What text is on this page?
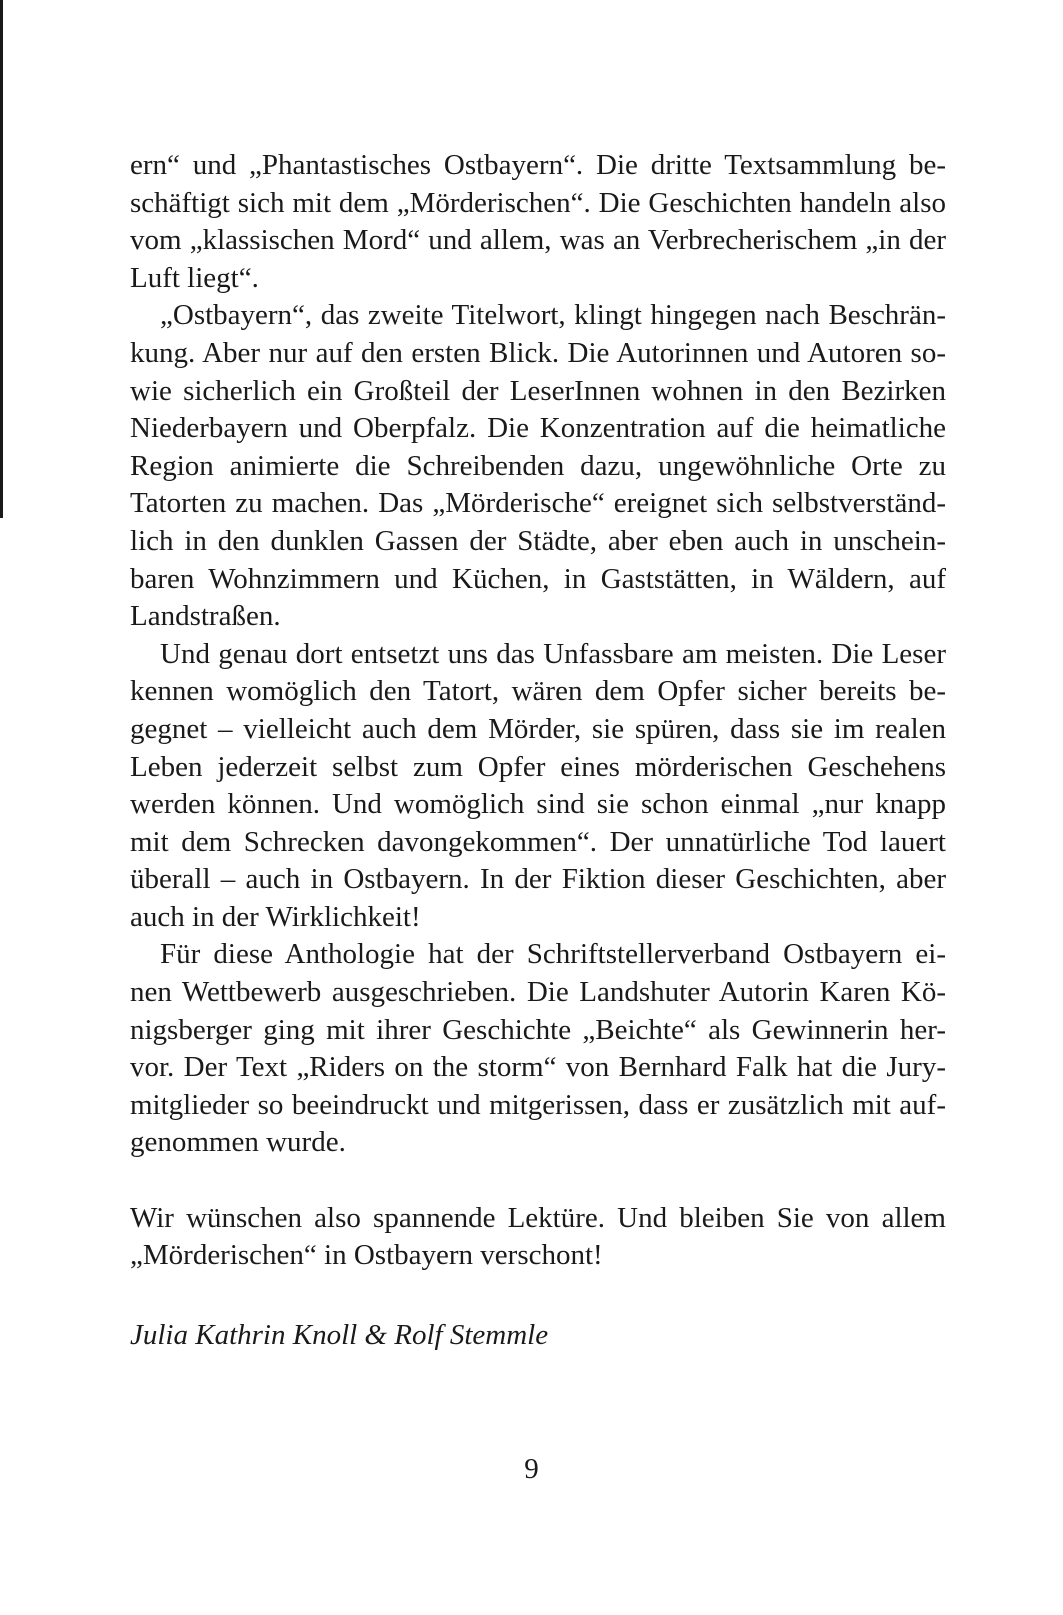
ern“ und „Phantastisches Ostbayern“. Die dritte Textsammlung be-
schäftigt sich mit dem „Mörderischen“. Die Geschichten handeln also
vom „klassischen Mord“ und allem, was an Verbrecherischem „in der
Luft liegt“.
„Ostbayern“, das zweite Titelwort, klingt hingegen nach Beschrän-
kung. Aber nur auf den ersten Blick. Die Autorinnen und Autoren so-
wie sicherlich ein Großteil der LeserInnen wohnen in den Bezirken
Niederbayern und Oberpfalz. Die Konzentration auf die heimatliche
Region animierte die Schreibenden dazu, ungewöhnliche Orte zu
Tatorten zu machen. Das „Mörderische“ ereignet sich selbstverständ-
lich in den dunklen Gassen der Städte, aber eben auch in unschein-
baren Wohnzimmern und Küchen, in Gaststätten, in Wäldern, auf
Landstraßen.
Und genau dort entsetzt uns das Unfassbare am meisten. Die Leser
kennen womöglich den Tatort, wären dem Opfer sicher bereits be-
gegnet – vielleicht auch dem Mörder, sie spüren, dass sie im realen
Leben jederzeit selbst zum Opfer eines mörderischen Geschehens
werden können. Und womöglich sind sie schon einmal „nur knapp
mit dem Schrecken davongekommen“. Der unnatürliche Tod lauert
überall – auch in Ostbayern. In der Fiktion dieser Geschichten, aber
auch in der Wirklichkeit!
Für diese Anthologie hat der Schriftstellerverband Ostbayern ei-
nen Wettbewerb ausgeschrieben. Die Landshuter Autorin Karen Kö-
nigsberger ging mit ihrer Geschichte „Beichte“ als Gewinnerin her-
vor. Der Text „Riders on the storm“ von Bernhard Falk hat die Jury-
mitglieder so beeindruckt und mitgerissen, dass er zusätzlich mit auf-
genommen wurde.
Wir wünschen also spannende Lektüre. Und bleiben Sie von allem
„Mörderischen“ in Ostbayern verschont!
Julia Kathrin Knoll & Rolf Stemmle
9
